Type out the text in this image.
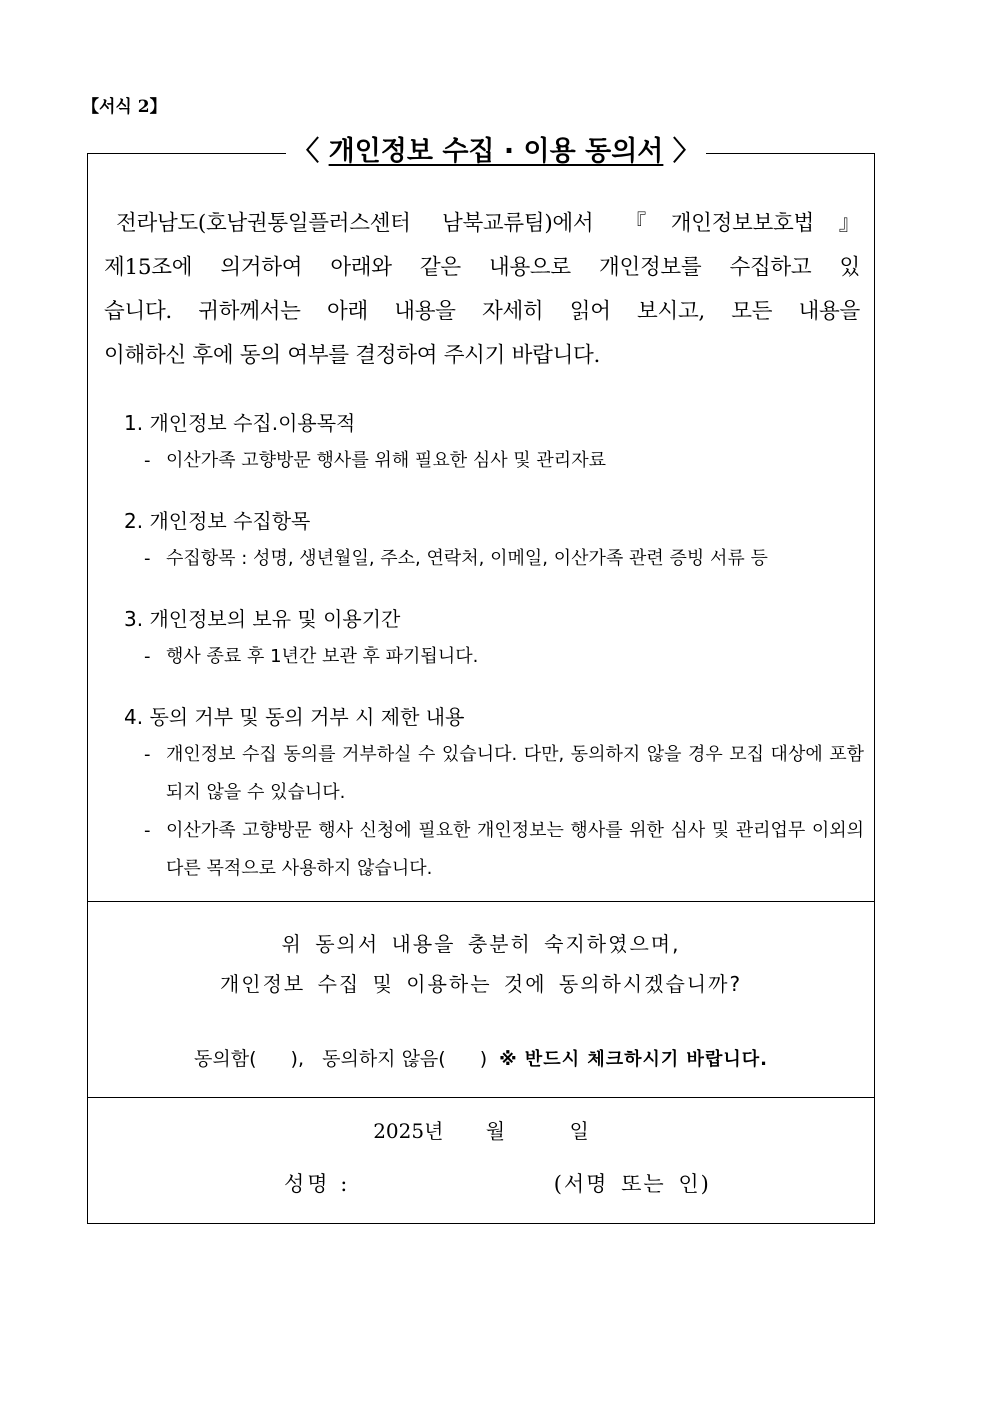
【서식 2】
〈 개인정보 수집 · 이용 동의서 〉
전라남도(호남권통일플러스센터 남북교류팀)에서 『개인정보보호법』
제15조에 의거하여 아래와 같은 내용으로 개인정보를 수집하고 있
습니다. 귀하께서는 아래 내용을 자세히 읽어 보시고, 모든 내용을
이해하신 후에 동의 여부를 결정하여 주시기 바랍니다.
1. 개인정보 수집.이용목적
- 이산가족 고향방문 행사를 위해 필요한 심사 및 관리자료
2. 개인정보 수집항목
- 수집항목 : 성명, 생년월일, 주소, 연락처, 이메일, 이산가족 관련 증빙 서류 등
3. 개인정보의 보유 및 이용기간
- 행사 종료 후 1년간 보관 후 파기됩니다.
4. 동의 거부 및 동의 거부 시 제한 내용
- 개인정보 수집 동의를 거부하실 수 있습니다. 다만, 동의하지 않을 경우 모집 대상에 포함되지 않을 수 있습니다.
- 이산가족 고향방문 행사 신청에 필요한 개인정보는 행사를 위한 심사 및 관리업무 이외의 다른 목적으로 사용하지 않습니다.
위 동의서 내용을 충분히 숙지하였으며,
개인정보 수집 및 이용하는 것에 동의하시겠습니까?
동의함( ), 동의하지 않음( ) ※ 반드시 체크하시기 바랍니다.
2025년 월	일
성명 :	(서명 또는 인)
